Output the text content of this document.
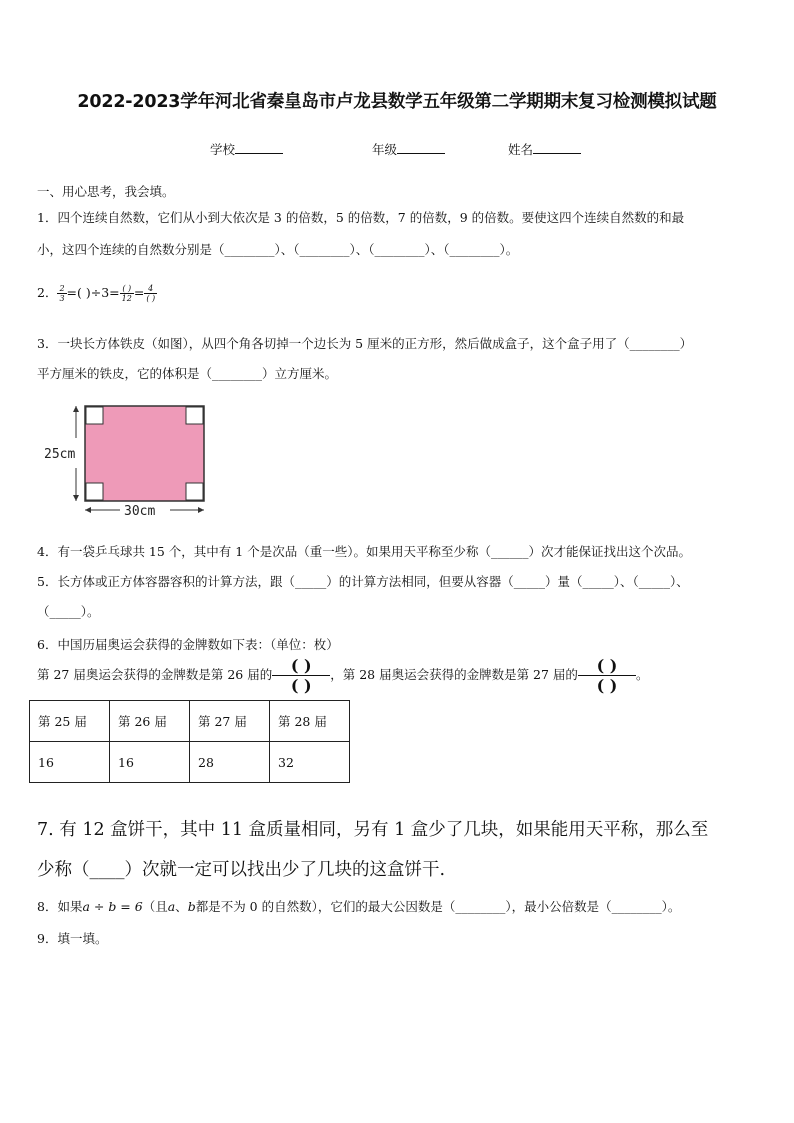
2022-2023学年河北省秦皇岛市卢龙县数学五年级第二学期期末复习检测模拟试题
学校	年级	姓名
一、用心思考，我会填。
1．四个连续自然数，它们从小到大依次是 3 的倍数，5 的倍数，7 的倍数，9 的倍数。要使这四个连续自然数的和最
小，这四个连续的自然数分别是（________）、（________）、（________）、（________）。
2． $\frac{2}{3}$ =( )$\div 3= \frac{( )}{12} = \frac{4}{( )}$
3．一块长方体铁皮（如图），从四个角各切掉一个边长为 5 厘米的正方形，然后做成盒子，这个盒子用了（________）
平方厘米的铁皮，它的体积是（________）立方厘米。
25cm
30cm
4．有一袋乒乓球共 15 个，其中有 1 个是次品（重一些）。如果用天平称至少称（______）次才能保证找出这个次品。
5．长方体或正方体容器容积的计算方法，跟（_____）的计算方法相同，但要从容器（_____）量（_____）、（_____）、
（_____）。
6．中国历届奥运会获得的金牌数如下表：（单位：枚）
第 27 届奥运会获得的金牌数是第 26 届的	( )
( )
，第 28 届奥运会获得的金牌数是第 27 届的	( )
( )
。
第 25 届	第 26 届	第 27 届	第 28 届
16	16	28	32
7. 有 12 盒饼干，其中 11 盒质量相同，另有 1 盒少了几块，如果能用天平称，那么至
少称（____）次就一定可以找出少了几块的这盒饼干.
8．如果a ÷ b = 6（且a、b都是不为 0 的自然数），它们的最大公因数是（________），最小公倍数是（________）。
9．填一填。
